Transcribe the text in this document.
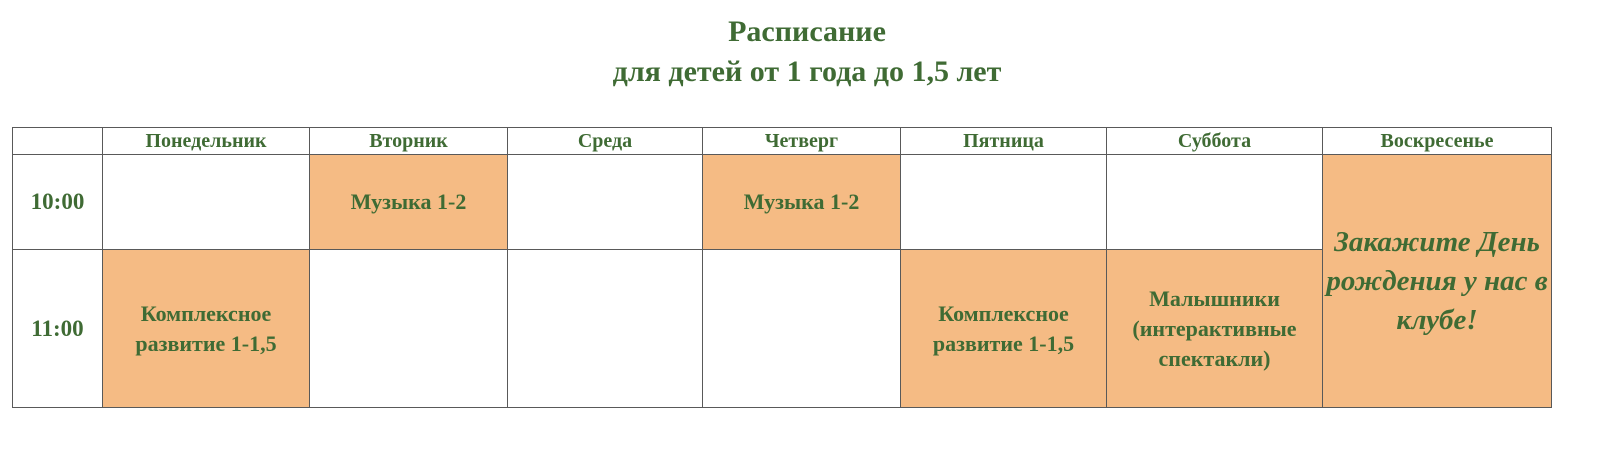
Расписание
для детей от 1 года до 1,5 лет
	Понедельник	Вторник	Среда	Четверг	Пятница	Суббота	Воскресенье
10:00		Музыка 1-2		Музыка 1-2			Закажите День рождения у нас в клубе!
11:00	Комплексное развитие 1-1,5				Комплексное развитие 1-1,5	Малышники (интерактивные спектакли)	
